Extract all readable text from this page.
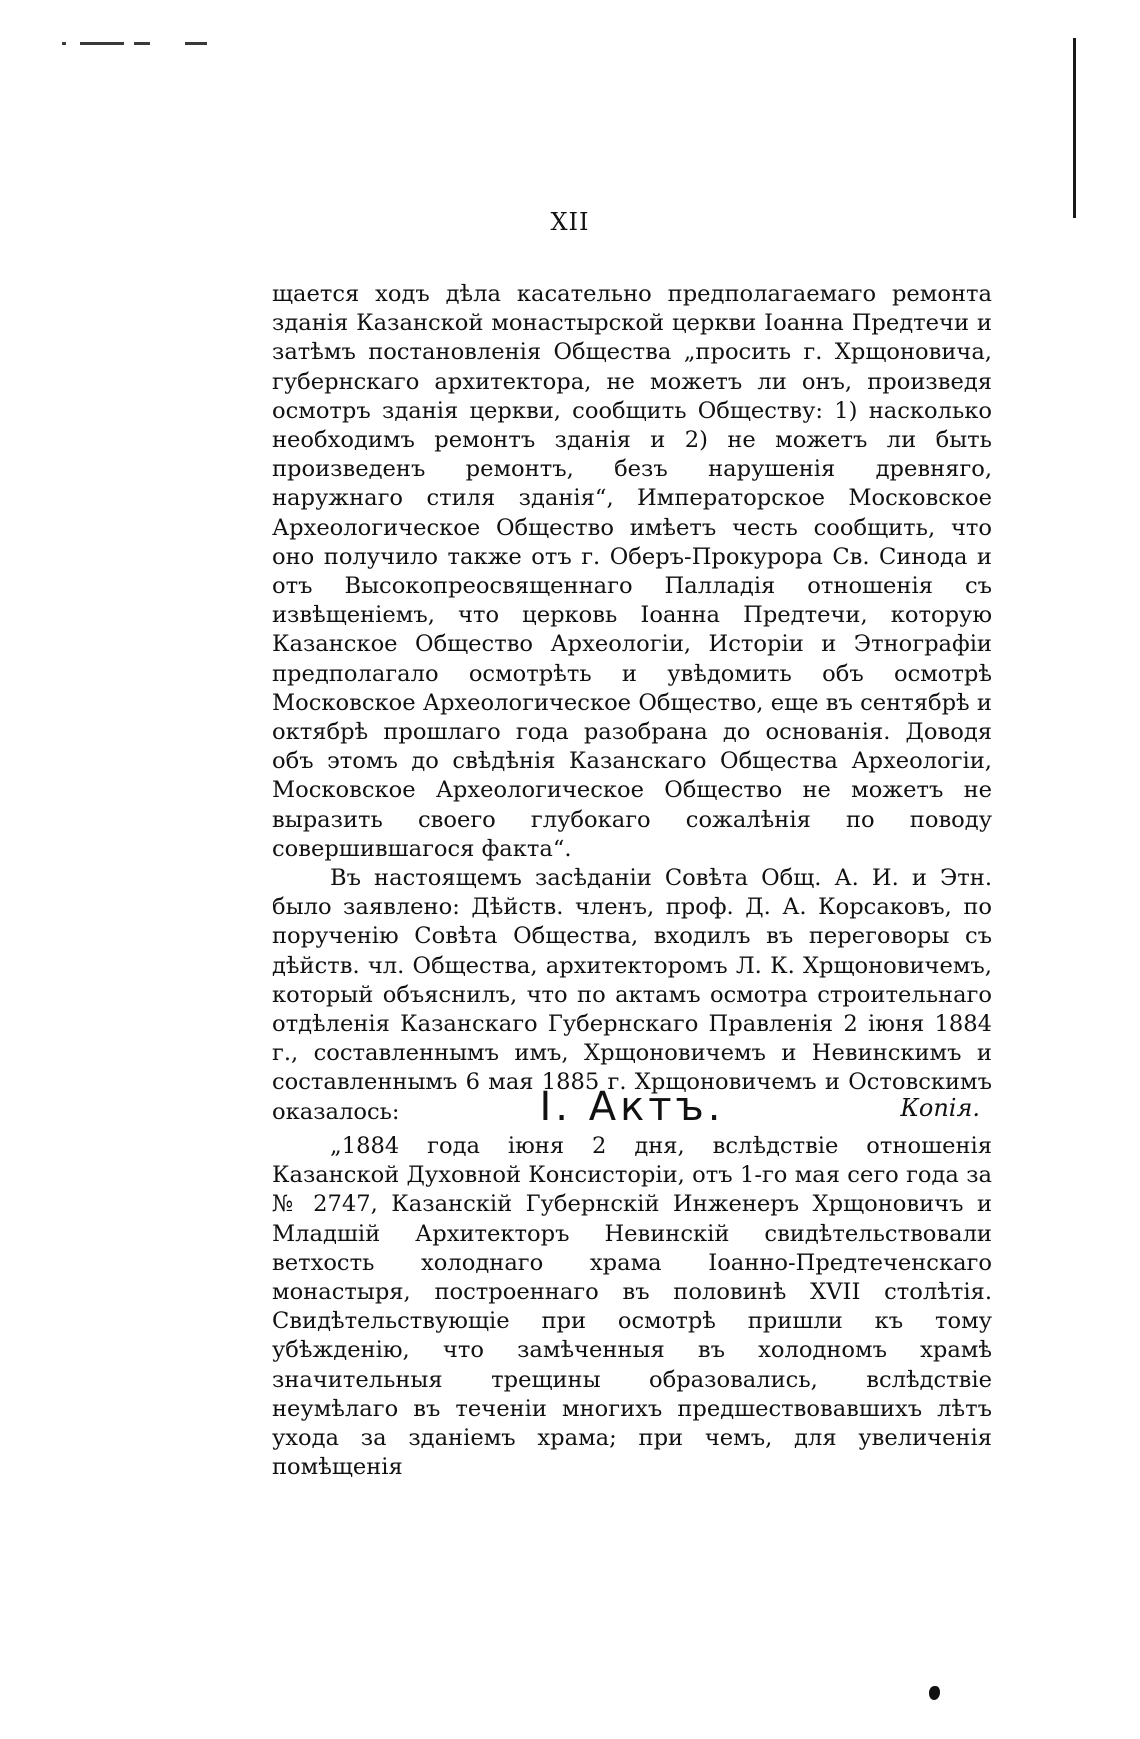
XII

щается ходъ дѣла касательно предполагаемаго ремонта зданія Казанской монастырской церкви Іоанна Предтечи и затѣмъ постановленія Общества „просить г. Хрщоновича, губернскаго архитектора, не можетъ ли онъ, произведя осмотръ зданія церкви, сообщить Обществу: 1) насколько необходимъ ремонтъ зданія и 2) не можетъ ли быть произведенъ ремонтъ, безъ нарушенія древняго, наружнаго стиля зданія“, Императорское Московское Археологическое Общество имѣетъ честь сообщить, что оно получило также отъ г. Оберъ-Прокурора Св. Синода и отъ Высокопреосвященнаго Палладія отношенія съ извѣщеніемъ, что церковь Іоанна Предтечи, которую Казанское Общество Археологіи, Исторіи и Этнографіи предполагало осмотрѣть и увѣдомить объ осмотрѣ Московское Археологическое Общество, еще въ сентябрѣ и октябрѣ прошлаго года разобрана до основанія. Доводя объ этомъ до свѣдѣнія Казанскаго Общества Археологіи, Московское Археологическое Общество не можетъ не выразить своего глубокаго сожалѣнія по поводу совершившагося факта“.

Въ настоящемъ засѣданіи Совѣта Общ. А. И. и Этн. было заявлено: Дѣйств. членъ, проф. Д. А. Корсаковъ, по порученію Совѣта Общества, входилъ въ переговоры съ дѣйств. чл. Общества, архитекторомъ Л. К. Хрщоновичемъ, который объяснилъ, что по актамъ осмотра строительнаго отдѣленія Казанскаго Губернскаго Правленія 2 іюня 1884 г., составленнымъ имъ, Хрщоновичемъ и Невинскимъ и составленнымъ 6 мая 1885 г. Хрщоновичемъ и Остовскимъ оказалось:	I. Актъ.	Копія.

„1884 года іюня 2 дня, вслѣдствіе отношенія Казанской Духовной Консисторіи, отъ 1-го мая сего года за № 2747, Казанскій Губернскій Инженеръ Хрщоновичъ и Младшій Архитекторъ Невинскій свидѣтельствовали ветхость холоднаго храма Іоанно-Предтеченскаго монастыря, построеннаго въ половинѣ XVII столѣтія. Свидѣтельствующіе при осмотрѣ пришли къ тому убѣжденію, что замѣченныя въ холодномъ храмѣ значительныя трещины образовались, вслѣдствіе неумѣлаго въ теченіи многихъ предшествовавшихъ лѣтъ ухода за зданіемъ храма; при чемъ, для увеличенія помѣщенія
